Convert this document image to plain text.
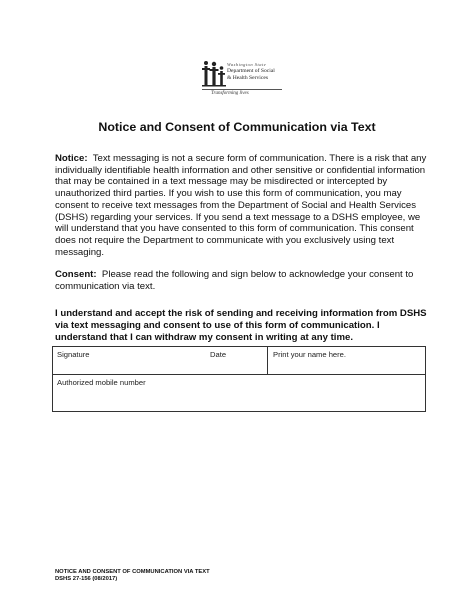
Washington State
Department of Social
& Health Services
Transforming lives
Notice and Consent of Communication via Text
Notice: Text messaging is not a secure form of communication. There is a risk that any individually identifiable health information and other sensitive or confidential information that may be contained in a text message may be misdirected or intercepted by unauthorized third parties. If you wish to use this form of communication, you may consent to receive text messages from the Department of Social and Health Services (DSHS) regarding your services. If you send a text message to a DSHS employee, we will understand that you have consented to this form of communication. This consent does not require the Department to communicate with you exclusively using text messaging.
Consent: Please read the following and sign below to acknowledge your consent to communication via text.
I understand and accept the risk of sending and receiving information from DSHS via text messaging and consent to use of this form of communication. I understand that I can withdraw my consent in writing at any time.
Signature	Date	Print your name here.
Authorized mobile number
NOTICE AND CONSENT OF COMMUNICATION VIA TEXT
DSHS 27-156 (08/2017)
